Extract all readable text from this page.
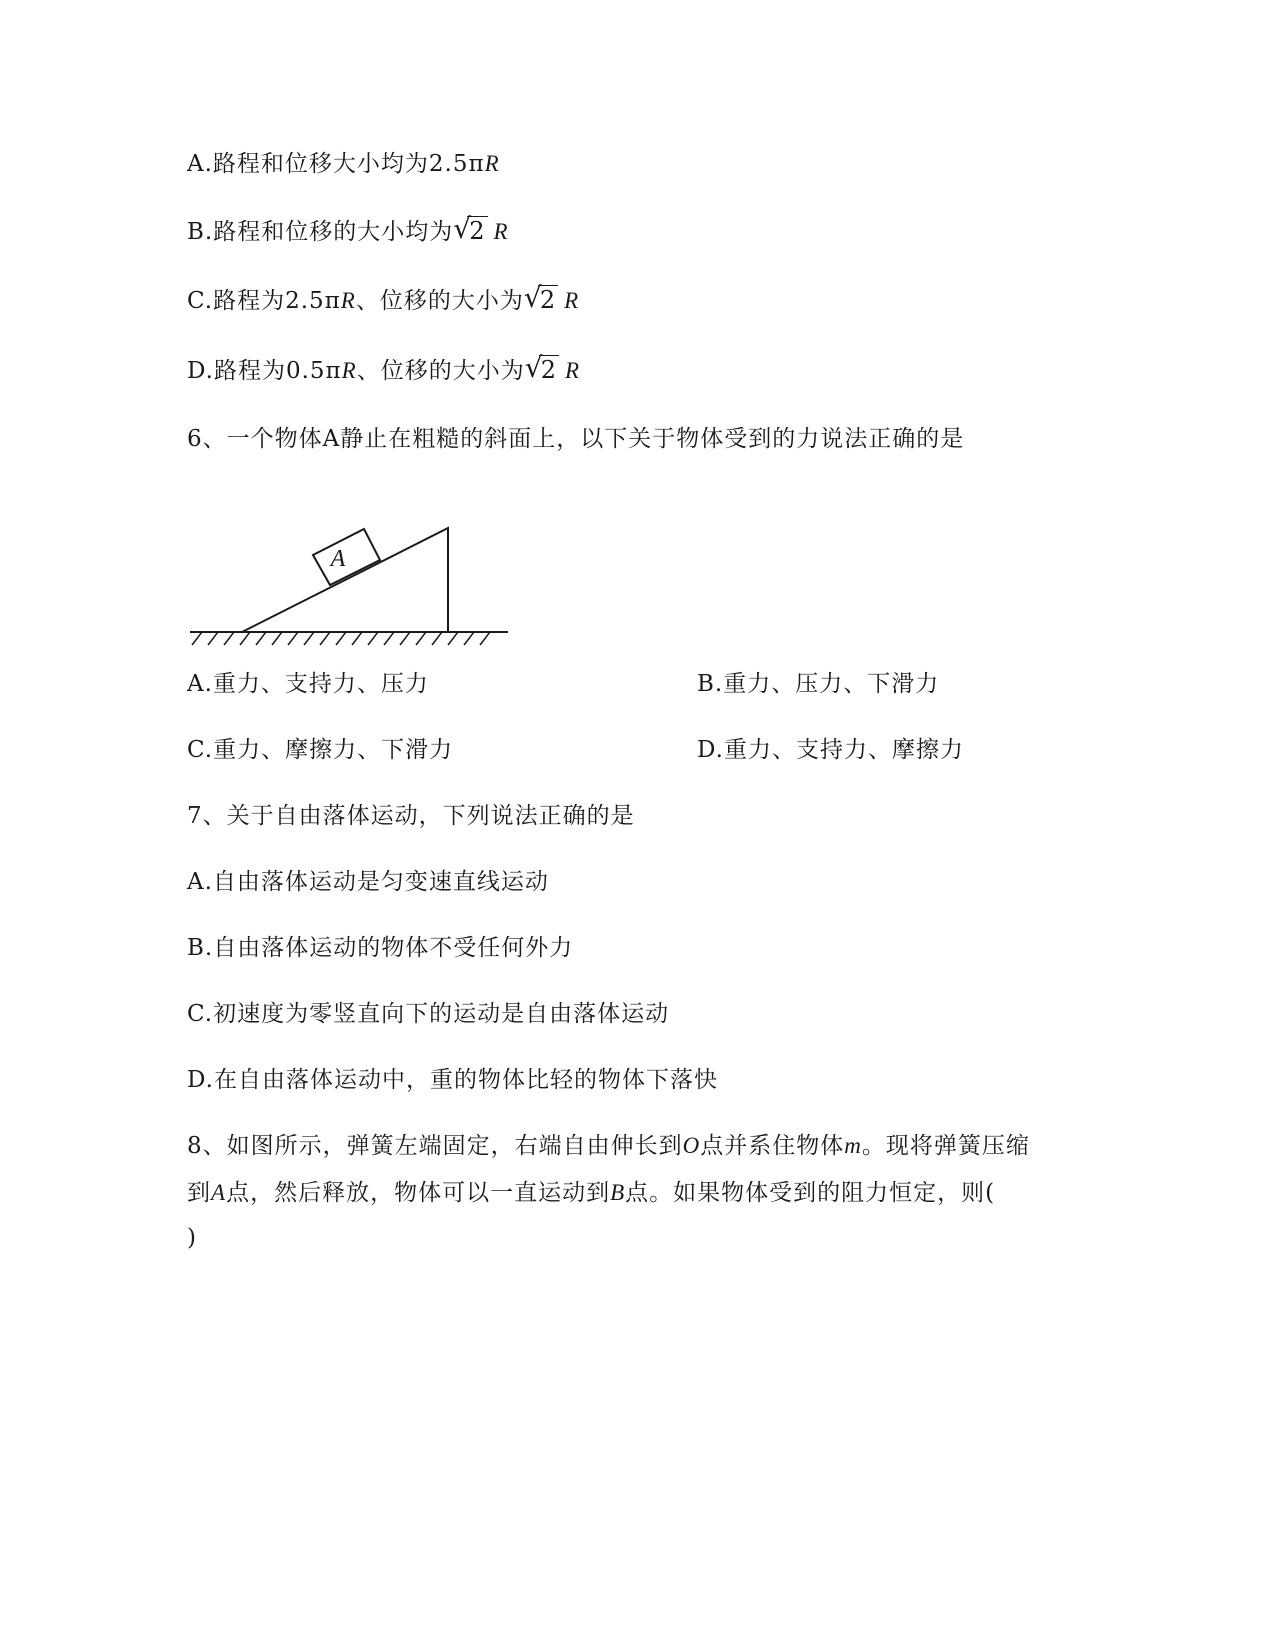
A.路程和位移大小均为2.5πR
B.路程和位移的大小均为 √
2 R
C.路程为2.5πR、位移的大小为 √
2 R
D.路程为0.5πR、位移的大小为 √
2 R
6、一个物体A静止在粗糙的斜面上，以下关于物体受到的力说法正确的是
A
A.重力、支持力、压力	B.重力、压力、下滑力
C.重力、摩擦力、下滑力	D.重力、支持力、摩擦力
7、关于自由落体运动，下列说法正确的是
A.自由落体运动是匀变速直线运动
B.自由落体运动的物体不受任何外力
C.初速度为零竖直向下的运动是自由落体运动
D.在自由落体运动中，重的物体比轻的物体下落快
8、如图所示，弹簧左端固定，右端自由伸长到O点并系住物体m。现将弹簧压缩
到A点，然后释放，物体可以一直运动到B点。如果物体受到的阻力恒定，则(
)
